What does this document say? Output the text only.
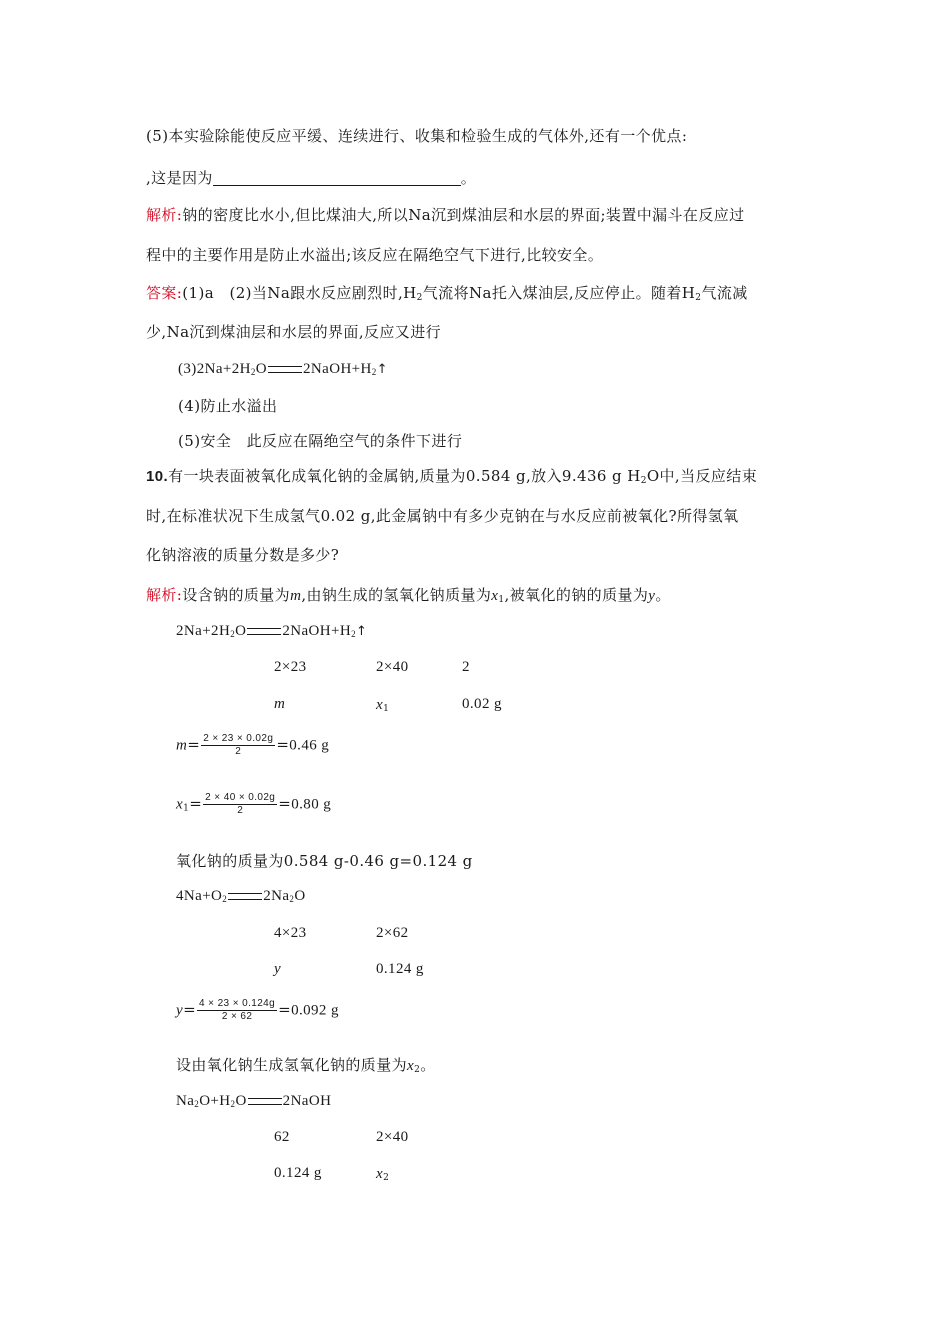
(5)本实验除能使反应平缓、连续进行、收集和检验生成的气体外,还有一个优点:
,这是因为	。
解析:钠的密度比水小,但比煤油大,所以Na沉到煤油层和水层的界面;装置中漏斗在反应过
程中的主要作用是防止水溢出;该反应在隔绝空气下进行,比较安全。
答案:(1)a　(2)当Na跟水反应剧烈时$,H_2$气流将Na托入煤油层,反应停止。随着$H_2$气流减
少,Na沉到煤油层和水层的界面,反应又进行
$(3)2Na+2H_2O$ $2NaOH+H_2↑$
(4)防止水溢出
(5)安全　此反应在隔绝空气的条件下进行
10.有一块表面被氧化成氧化钠的金属钠,质量为0.584 g,放入9.436 g $H_2O$中,当反应结束
时,在标准状况下生成氢气0.02 g,此金属钠中有多少克钠在与水反应前被氧化?所得氢氧
化钠溶液的质量分数是多少?
解析:设含钠的质量为m,由钠生成的氢氧化钠质量为$x_1$,被氧化的钠的质量为y。
$2Na+2H_2O$ $2NaOH+H_2↑$
2×23	2×40	2
m	$x_1$	0.02 g
$m= \frac{2 \times 23 \times 0.02g}{2} =0.46$ g
$x_1= \frac{2 \times 40 \times 0.02g}{2} =0.80$ g
氧化钠的质量为0.584 g-0.46 g=0.124 g
$4Na+O_2$ $2Na_2O$
4×23	2×62
y	0.124 g
$y= \frac{4 \times 23 \times 0.124g}{2 \times 62} =0.092$ g
设由氧化钠生成氢氧化钠的质量为$x_2$。
$Na_2O+H_2O$ 2NaOH
62	2×40
0.124 g	$x_2$
